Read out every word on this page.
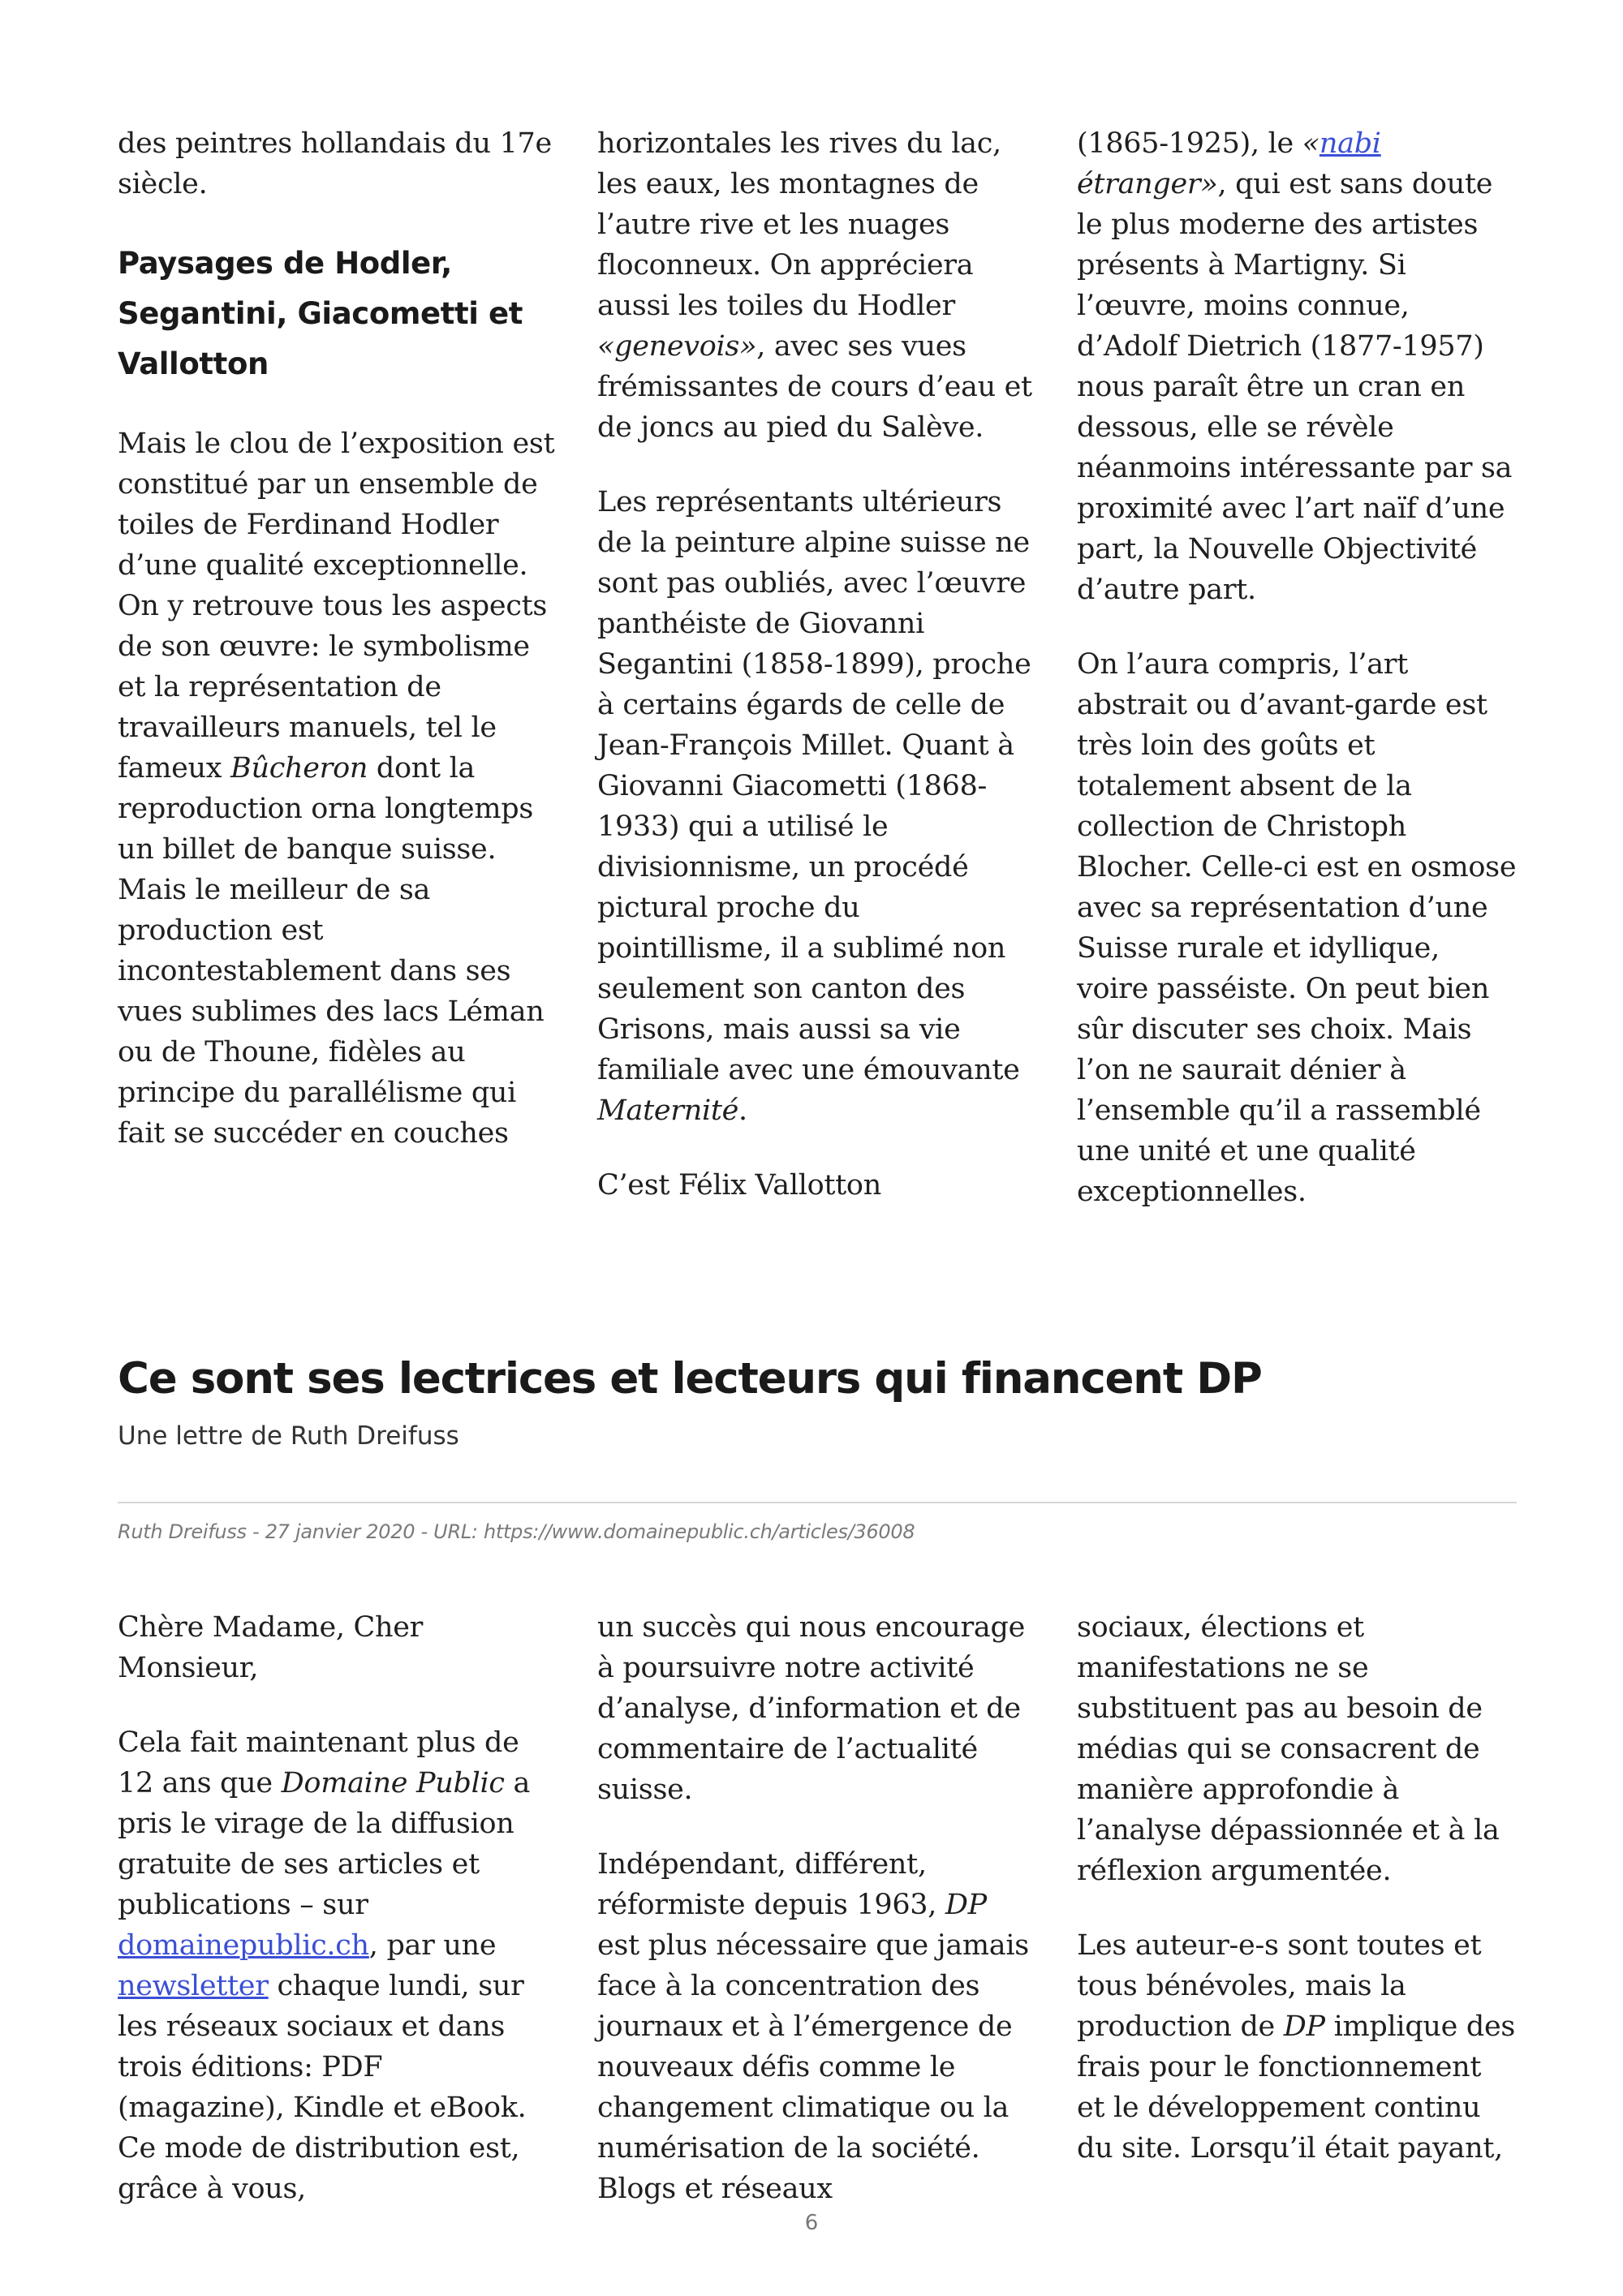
des peintres hollandais du 17e siècle.

Paysages de Hodler, Segantini, Giacometti et Vallotton

Mais le clou de l’exposition est constitué par un ensemble de toiles de Ferdinand Hodler d’une qualité exceptionnelle. On y retrouve tous les aspects de son œuvre: le symbolisme et la représentation de travailleurs manuels, tel le fameux Bûcheron dont la reproduction orna longtemps un billet de banque suisse. Mais le meilleur de sa production est incontestablement dans ses vues sublimes des lacs Léman ou de Thoune, fidèles au principe du parallélisme qui fait se succéder en couches

horizontales les rives du lac, les eaux, les montagnes de l’autre rive et les nuages floconneux. On appréciera aussi les toiles du Hodler «genevois», avec ses vues frémissantes de cours d’eau et de joncs au pied du Salève.

Les représentants ultérieurs de la peinture alpine suisse ne sont pas oubliés, avec l’œuvre panthéiste de Giovanni Segantini (1858-1899), proche à certains égards de celle de Jean-François Millet. Quant à Giovanni Giacometti (1868-1933) qui a utilisé le divisionnisme, un procédé pictural proche du pointillisme, il a sublimé non seulement son canton des Grisons, mais aussi sa vie familiale avec une émouvante Maternité.

C’est Félix Vallotton

(1865-1925), le «nabi étranger», qui est sans doute le plus moderne des artistes présents à Martigny. Si l’œuvre, moins connue, d’Adolf Dietrich (1877-1957) nous paraît être un cran en dessous, elle se révèle néanmoins intéressante par sa proximité avec l’art naïf d’une part, la Nouvelle Objectivité d’autre part.

On l’aura compris, l’art abstrait ou d’avant-garde est très loin des goûts et totalement absent de la collection de Christoph Blocher. Celle-ci est en osmose avec sa représentation d’une Suisse rurale et idyllique, voire passéiste. On peut bien sûr discuter ses choix. Mais l’on ne saurait dénier à l’ensemble qu’il a rassemblé une unité et une qualité exceptionnelles.

Ce sont ses lectrices et lecteurs qui financent DP
Une lettre de Ruth Dreifuss
Ruth Dreifuss - 27 janvier 2020 - URL: https://www.domainepublic.ch/articles/36008

Chère Madame, Cher Monsieur,

Cela fait maintenant plus de 12 ans que Domaine Public a pris le virage de la diffusion gratuite de ses articles et publications – sur domainepublic.ch, par une newsletter chaque lundi, sur les réseaux sociaux et dans trois éditions: PDF (magazine), Kindle et eBook. Ce mode de distribution est, grâce à vous,

un succès qui nous encourage à poursuivre notre activité d’analyse, d’information et de commentaire de l’actualité suisse.

Indépendant, différent, réformiste depuis 1963, DP est plus nécessaire que jamais face à la concentration des journaux et à l’émergence de nouveaux défis comme le changement climatique ou la numérisation de la société. Blogs et réseaux

sociaux, élections et manifestations ne se substituent pas au besoin de médias qui se consacrent de manière approfondie à l’analyse dépassionnée et à la réflexion argumentée.

Les auteur-e-s sont toutes et tous bénévoles, mais la production de DP implique des frais pour le fonctionnement et le développement continu du site. Lorsqu’il était payant,

6
